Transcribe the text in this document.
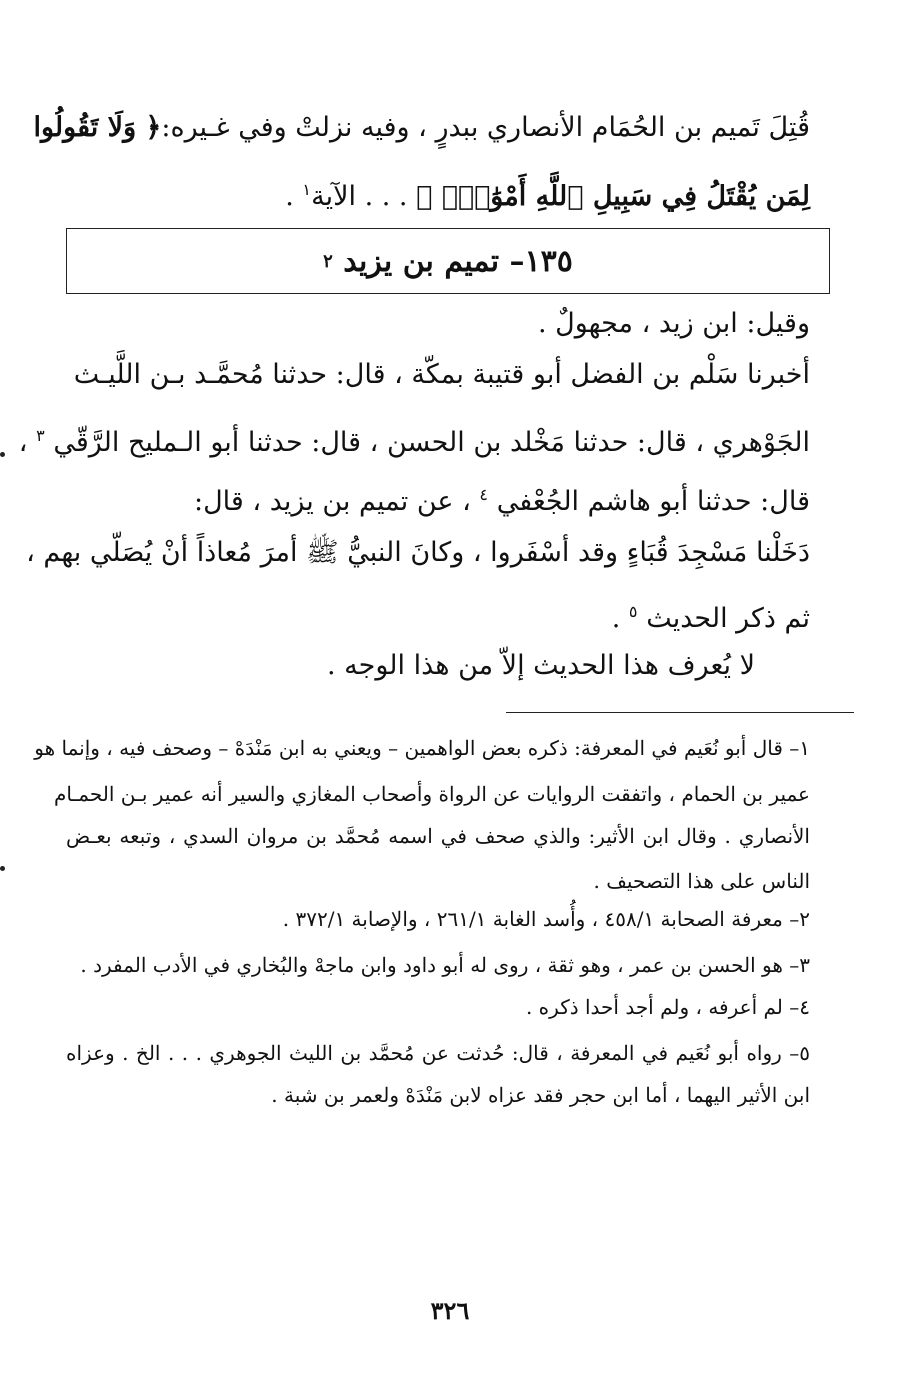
قُتِلَ تَميم بن الحُمَام الأنصاري ببدرٍ ، وفيه نزلتْ وفي غـيره:﴿ وَلَا تَقُولُوا
لِمَن يُقْتَلُ فِي سَبِيلِ ٱللَّهِ أَمْوَٰتٌۢ ﴾ . . . الآية$^١$ .
١٣٥– تميم بن يزيد

٢
وقيل: ابن زيد ، مجهولٌ .
أخبرنا سَلْم بن الفضل أبو قتيبة بمكّة ، قال: حدثنا مُحمَّـد بـن اللَّيـث
الجَوْهري ، قال: حدثنا مَخْلد بن الحسن ، قال: حدثنا أبو الـمليح الرَّقّي $^٣$ ،
قال: حدثنا أبو هاشم الجُعْفي $^٤$ ، عن تميم بن يزيد ، قال:
دَخَلْنا مَسْجِدَ قُبَاءٍ وقد أسْفَروا ، وكانَ النبيُّ ﷺ أمرَ مُعاذاً أنْ يُصَلّي بهم ،
ثم ذكر الحديث $^٥$ .
لا يُعرف هذا الحديث إلاّ من هذا الوجه .
١– قال أبو نُعَيم في المعرفة: ذكره بعض الواهمين – ويعني به ابن مَنْدَهْ – وصحف فيه ، وإنما هو
عمير بن الحمام ، واتفقت الروايات عن الرواة وأصحاب المغازي والسير أنه عمير بـن الحمـام
الأنصاري . وقال ابن الأثير: والذي صحف في اسمه مُحمَّد بن مروان السدي ، وتبعه بعـض
الناس على هذا التصحيف .
٢– معرفة الصحابة ٤٥٨/١ ، وأُسد الغابة ٢٦١/١ ، والإصابة ٣٧٢/١ .
٣– هو الحسن بن عمر ، وهو ثقة ، روى له أبو داود وابن ماجهْ والبُخاري في الأدب المفرد .
٤– لم أعرفه ، ولم أجد أحدا ذكره .
٥– رواه أبو نُعَيم في المعرفة ، قال: حُدثت عن مُحمَّد بن الليث الجوهري . . . الخ . وعزاه
ابن الأثير اليهما ، أما ابن حجر فقد عزاه لابن مَنْدَهْ ولعمر بن شبة .
٣٢٦
